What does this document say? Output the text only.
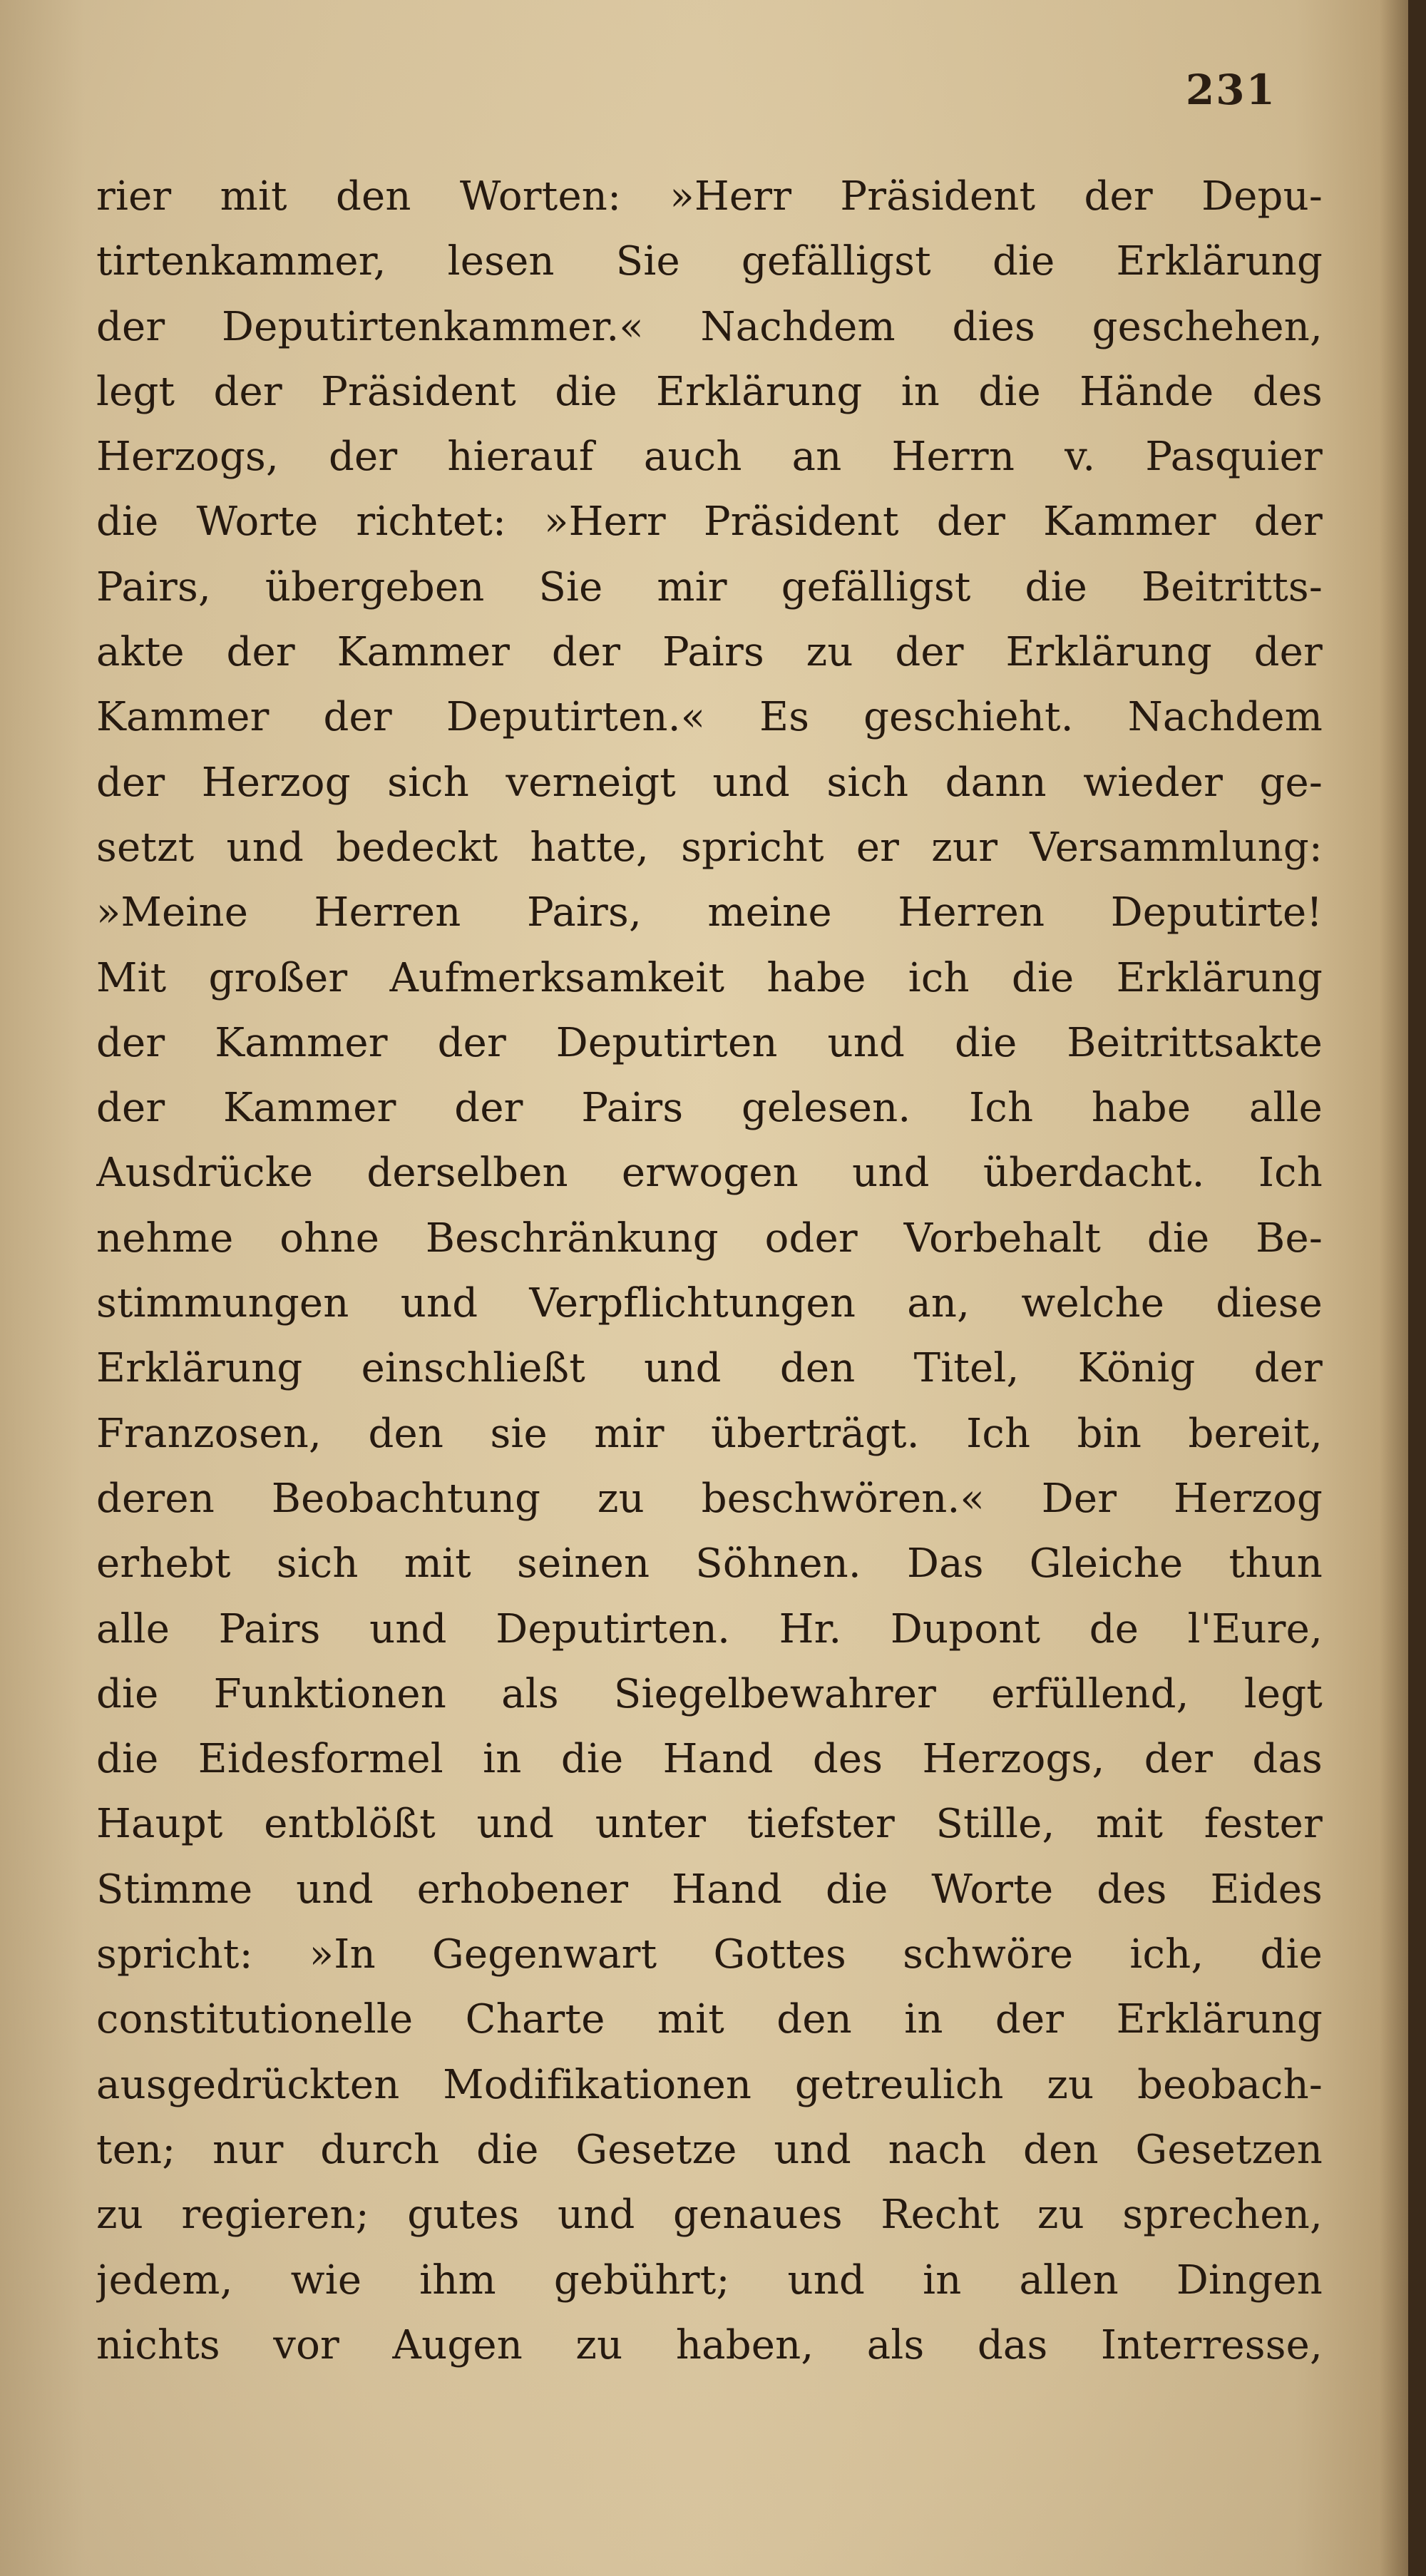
231
rier mit den Worten: »Herr Präsident der Depu-
tirtenkammer, lesen Sie gefälligst die Erklärung
der Deputirtenkammer.« Nachdem dies geschehen,
legt der Präsident die Erklärung in die Hände des
Herzogs, der hierauf auch an Herrn v. Pasquier
die Worte richtet: »Herr Präsident der Kammer der
Pairs, übergeben Sie mir gefälligst die Beitritts-
akte der Kammer der Pairs zu der Erklärung der
Kammer der Deputirten.« Es geschieht. Nachdem
der Herzog sich verneigt und sich dann wieder ge-
setzt und bedeckt hatte, spricht er zur Versammlung:
»Meine Herren Pairs, meine Herren Deputirte!
Mit großer Aufmerksamkeit habe ich die Erklärung
der Kammer der Deputirten und die Beitrittsakte
der Kammer der Pairs gelesen. Ich habe alle
Ausdrücke derselben erwogen und überdacht. Ich
nehme ohne Beschränkung oder Vorbehalt die Be-
stimmungen und Verpflichtungen an, welche diese
Erklärung einschließt und den Titel, König der
Franzosen, den sie mir überträgt. Ich bin bereit,
deren Beobachtung zu beschwören.« Der Herzog
erhebt sich mit seinen Söhnen. Das Gleiche thun
alle Pairs und Deputirten. Hr. Dupont de l'Eure,
die Funktionen als Siegelbewahrer erfüllend, legt
die Eidesformel in die Hand des Herzogs, der das
Haupt entblößt und unter tiefster Stille, mit fester
Stimme und erhobener Hand die Worte des Eides
spricht: »In Gegenwart Gottes schwöre ich, die
constitutionelle Charte mit den in der Erklärung
ausgedrückten Modifikationen getreulich zu beobach-
ten; nur durch die Gesetze und nach den Gesetzen
zu regieren; gutes und genaues Recht zu sprechen,
jedem, wie ihm gebührt; und in allen Dingen
nichts vor Augen zu haben, als das Interresse,
